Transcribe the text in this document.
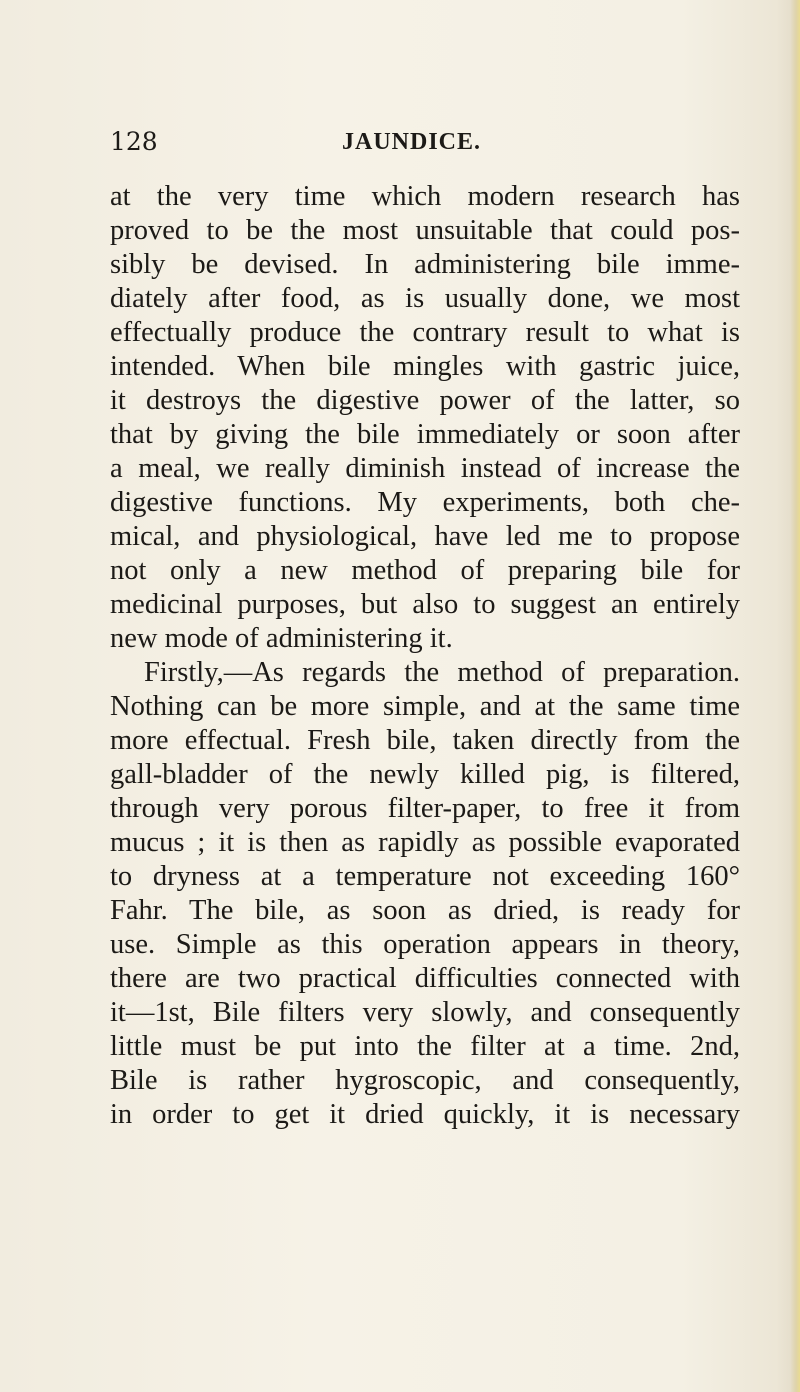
128	JAUNDICE.
at the very time which modern research has
proved to be the most unsuitable that could pos-
sibly be devised. In administering bile imme-
diately after food, as is usually done, we most
effectually produce the contrary result to what is
intended. When bile mingles with gastric juice,
it destroys the digestive power of the latter, so
that by giving the bile immediately or soon after
a meal, we really diminish instead of increase the
digestive functions. My experiments, both che-
mical, and physiological, have led me to propose
not only a new method of preparing bile for
medicinal purposes, but also to suggest an entirely
new mode of administering it.
Firstly,—As regards the method of preparation.
Nothing can be more simple, and at the same time
more effectual. Fresh bile, taken directly from the
gall-bladder of the newly killed pig, is filtered,
through very porous filter-paper, to free it from
mucus ; it is then as rapidly as possible evaporated
to dryness at a temperature not exceeding 160°
Fahr. The bile, as soon as dried, is ready for
use. Simple as this operation appears in theory,
there are two practical difficulties connected with
it—1st, Bile filters very slowly, and consequently
little must be put into the filter at a time. 2nd,
Bile is rather hygroscopic, and consequently,
in order to get it dried quickly, it is necessary
